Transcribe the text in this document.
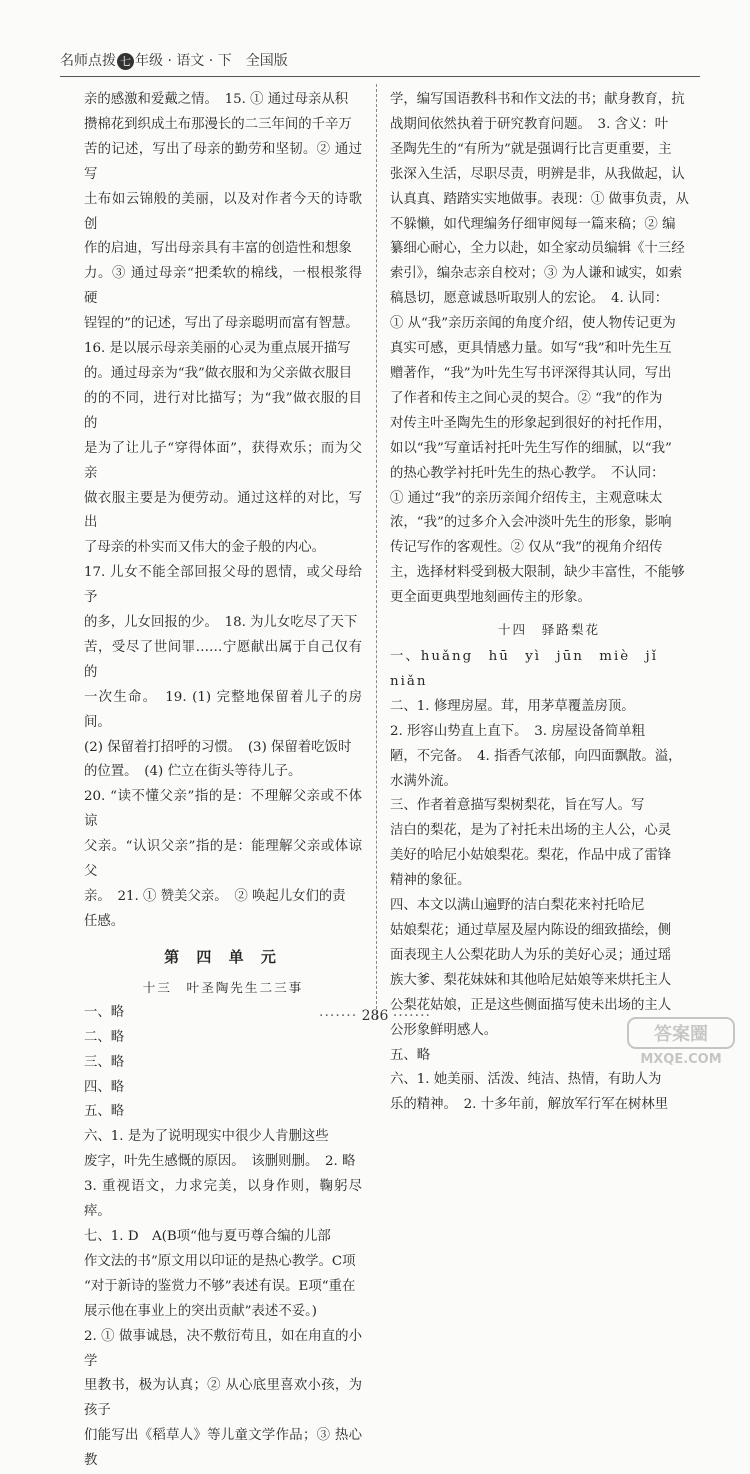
名师点拨 七 年级 · 语文 · 下　全国版

亲的感激和爱戴之情。　15. ① 通过母亲从积

攒棉花到织成土布那漫长的二三年间的千辛万

苦的记述，写出了母亲的勤劳和坚韧。② 通过写

土布如云锦般的美丽，以及对作者今天的诗歌创

作的启迪，写出母亲具有丰富的创造性和想象

力。③ 通过母亲“把柔软的棉线，一根根浆得硬

锃锃的”的记述，写出了母亲聪明而富有智慧。

16. 是以展示母亲美丽的心灵为重点展开描写

的。通过母亲为“我”做衣服和为父亲做衣服目

的的不同，进行对比描写；为“我”做衣服的目的

是为了让儿子“穿得体面”，获得欢乐；而为父亲

做衣服主要是为便劳动。通过这样的对比，写出

了母亲的朴实而又伟大的金子般的内心。

17. 儿女不能全部回报父母的恩情，或父母给予

的多，儿女回报的少。　18. 为儿女吃尽了天下

苦，受尽了世间罪……宁愿献出属于自己仅有的

一次生命。　19. (1) 完整地保留着儿子的房间。

(2) 保留着打招呼的习惯。　(3) 保留着吃饭时

的位置。　(4) 伫立在街头等待儿子。

20. “读不懂父亲”指的是：不理解父亲或不体谅

父亲。“认识父亲”指的是：能理解父亲或体谅父

亲。　21. ① 赞美父亲。　② 唤起儿女们的责

任感。

第 四 单 元
十三　叶圣陶先生二三事

一、略

二、略

三、略

四、略

五、略

六、1. 是为了说明现实中很少人肯删这些

废字，叶先生感慨的原因。　该删则删。　2. 略

3. 重视语文，力求完美，以身作则，鞠躬尽瘁。

七、1. D　A(B项“他与夏丏尊合编的儿部

作文法的书”原文用以印证的是热心教学。C项

“对于新诗的鉴赏力不够”表述有误。E项“重在

展示他在事业上的突出贡献”表述不妥。)

2. ① 做事诚恳，决不敷衍苟且，如在甪直的小学

里教书，极为认真；② 从心底里喜欢小孩，为孩子

们能写出《稻草人》等儿童文学作品；③ 热心教

学，编写国语教科书和作文法的书；献身教育，抗

战期间依然执着于研究教育问题。　3. 含义：叶

圣陶先生的“有所为”就是强调行比言更重要，主

张深入生活，尽职尽责，明辨是非，从我做起，认

认真真、踏踏实实地做事。表现：① 做事负责，从

不躲懒，如代理编务仔细审阅每一篇来稿；② 编

纂细心耐心，全力以赴，如全家动员编辑《十三经

索引》，编杂志亲自校对；③ 为人谦和诚实，如索

稿恳切，愿意诚恳听取别人的宏论。　4. 认同：

① 从“我”亲历亲闻的角度介绍，使人物传记更为

真实可感，更具情感力量。如写“我”和叶先生互

赠著作，“我”为叶先生写书评深得其认同，写出

了作者和传主之间心灵的契合。② “我”的作为

对传主叶圣陶先生的形象起到很好的衬托作用，

如以“我”写童话衬托叶先生写作的细腻，以“我”

的热心教学衬托叶先生的热心教学。　不认同：

① 通过“我”的亲历亲闻介绍传主，主观意味太

浓，“我”的过多介入会冲淡叶先生的形象，影响

传记写作的客观性。② 仅从“我”的视角介绍传

主，选择材料受到极大限制，缺少丰富性，不能够

更全面更典型地刻画传主的形象。

十四　驿路梨花

一、huǎng　hū　yì　jūn　miè　jǐ

niǎn

二、1. 修理房屋。茸，用茅草覆盖房顶。

2. 形容山势直上直下。　3. 房屋设备简单粗

陋，不完备。　4. 指香气浓郁，向四面飘散。溢，

水满外流。

三、作者着意描写梨树梨花，旨在写人。写

洁白的梨花，是为了衬托未出场的主人公，心灵

美好的哈尼小姑娘梨花。梨花，作品中成了雷锋

精神的象征。

四、本文以满山遍野的洁白梨花来衬托哈尼

姑娘梨花；通过草屋及屋内陈设的细致描绘，侧

面表现主人公梨花助人为乐的美好心灵；通过瑶

族大爹、梨花妹妹和其他哈尼姑娘等来烘托主人

公梨花姑娘，正是这些侧面描写使未出场的主人

公形象鲜明感人。

五、略

六、1. 她美丽、活泼、纯洁、热情，有助人为

乐的精神。　2. 十多年前，解放军行军在树林里

······· 286 ·······
答案圈
MXQE.COM
